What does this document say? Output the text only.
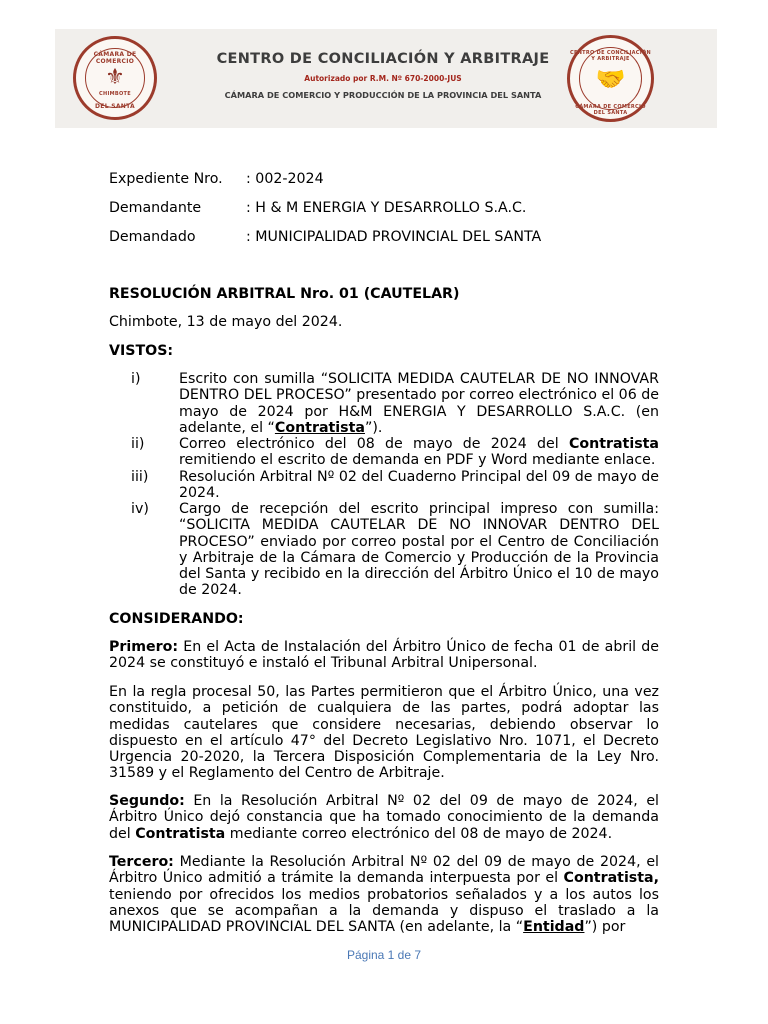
CÁMARA DE COMERCIO
⚜
CHIMBOTE
DEL SANTA
CENTRO DE CONCILIACIÓN Y ARBITRAJE
Autorizado por R.M. Nº 670-2000-JUS
CÁMARA DE COMERCIO Y PRODUCCIÓN DE LA PROVINCIA DEL SANTA
CENTRO DE CONCILIACIÓN Y ARBITRAJE
🤝
CÁMARA DE COMERCIO DEL SANTA
Expediente Nro. : 002-2024
Demandante	: H & M ENERGIA Y DESARROLLO S.A.C.
Demandado	: MUNICIPALIDAD PROVINCIAL DEL SANTA
RESOLUCIÓN ARBITRAL Nro. 01 (CAUTELAR)
Chimbote, 13 de mayo del 2024.
VISTOS:
i)	Escrito con sumilla “SOLICITA MEDIDA CAUTELAR DE NO INNOVAR DENTRO DEL PROCESO” presentado por correo electrónico el 06 de mayo de 2024 por H&M ENERGIA Y DESARROLLO S.A.C. (en adelante, el “Contratista”).
ii) Correo electrónico del 08 de mayo de 2024 del Contratista remitiendo el escrito de demanda en PDF y Word mediante enlace.
iii) Resolución Arbitral Nº 02 del Cuaderno Principal del 09 de mayo de 2024.
iv) Cargo de recepción del escrito principal impreso con sumilla: “SOLICITA MEDIDA CAUTELAR DE NO INNOVAR DENTRO DEL PROCESO” enviado por correo postal por el Centro de Conciliación y Arbitraje de la Cámara de Comercio y Producción de la Provincia del Santa y recibido en la dirección del Árbitro Único el 10 de mayo de 2024.
CONSIDERANDO:

Primero: En el Acta de Instalación del Árbitro Único de fecha 01 de abril de 2024 se constituyó e instaló el Tribunal Arbitral Unipersonal.

En la regla procesal 50, las Partes permitieron que el Árbitro Único, una vez constituido, a petición de cualquiera de las partes, podrá adoptar las medidas cautelares que considere necesarias, debiendo observar lo dispuesto en el artículo 47° del Decreto Legislativo Nro. 1071, el Decreto Urgencia 20-2020, la Tercera Disposición Complementaria de la Ley Nro. 31589 y el Reglamento del Centro de Arbitraje.

Segundo: En la Resolución Arbitral Nº 02 del 09 de mayo de 2024, el Árbitro Único dejó constancia que ha tomado conocimiento de la demanda del Contratista mediante correo electrónico del 08 de mayo de 2024.

Tercero: Mediante la Resolución Arbitral Nº 02 del 09 de mayo de 2024, el Árbitro Único admitió a trámite la demanda interpuesta por el Contratista, teniendo por ofrecidos los medios probatorios señalados y a los autos los anexos que se acompañan a la demanda y dispuso el traslado a la MUNICIPALIDAD PROVINCIAL DEL SANTA (en adelante, la “Entidad”) por

Página 1 de 7
